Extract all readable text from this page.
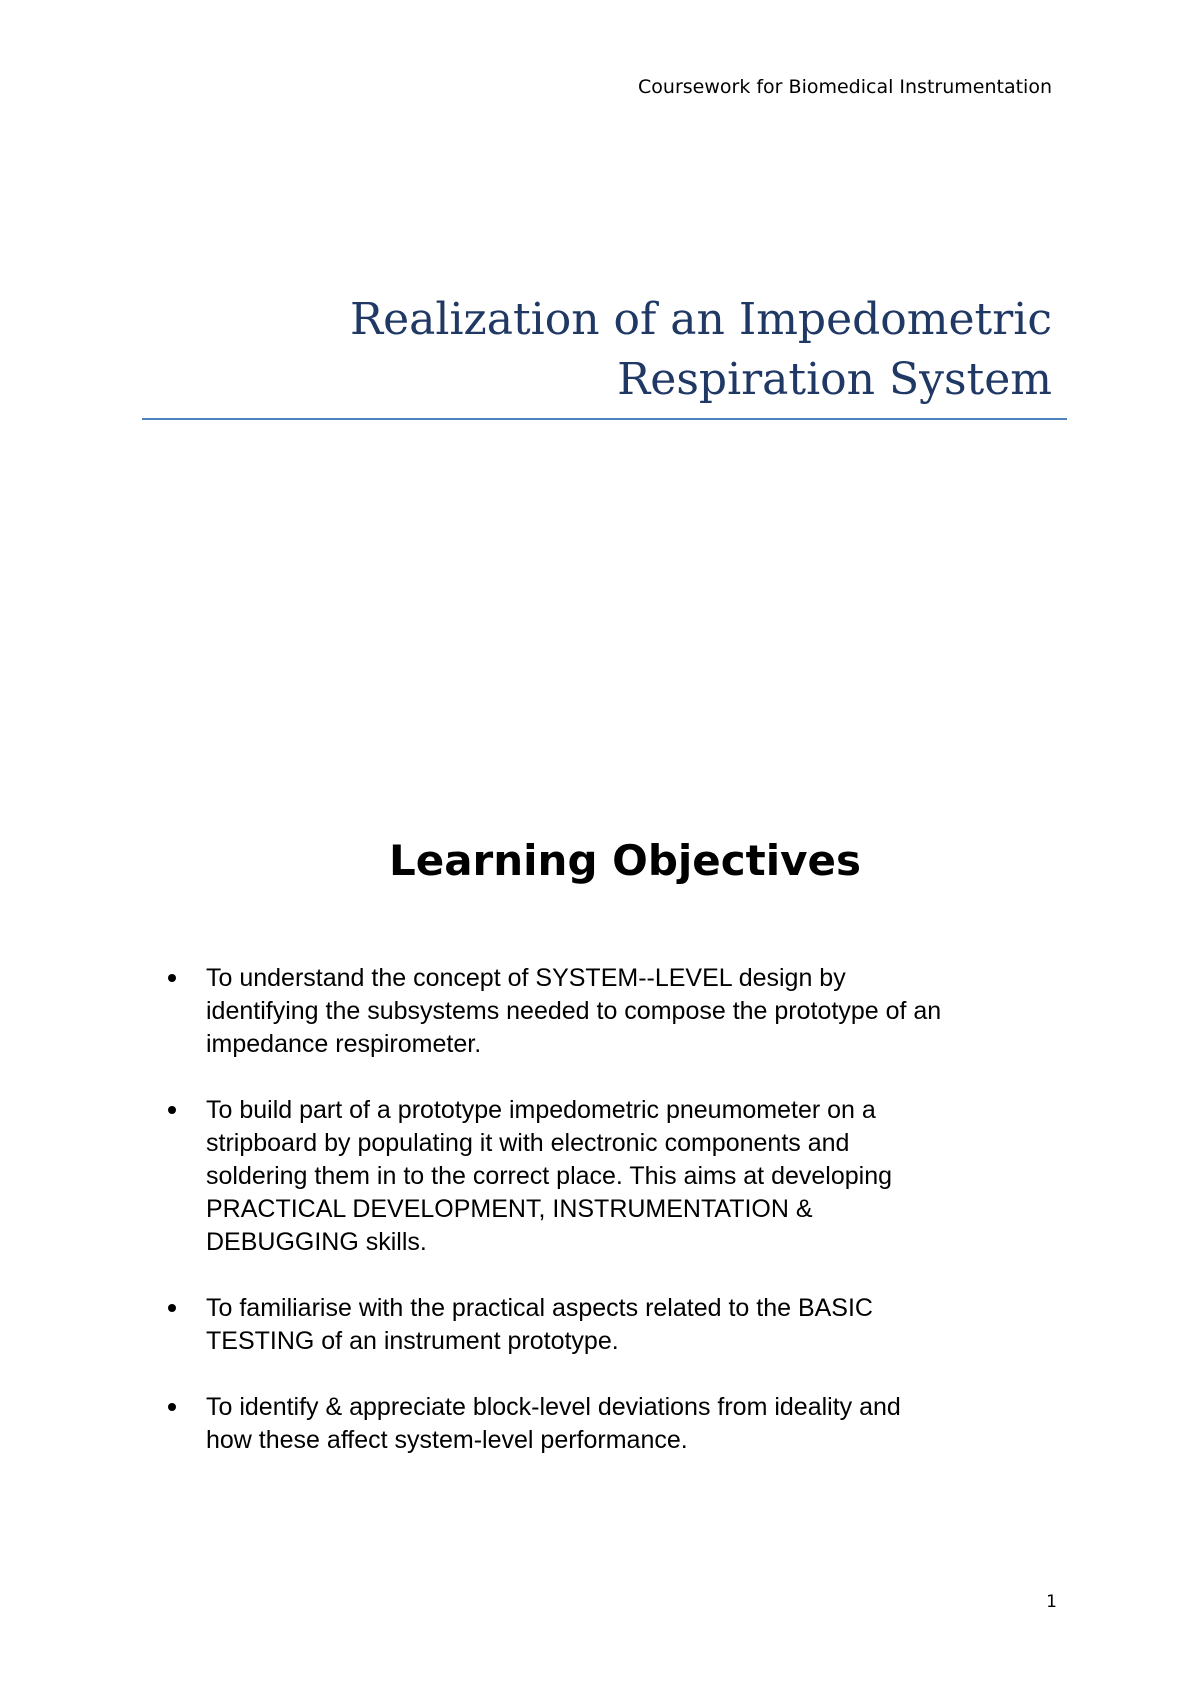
Coursework for Biomedical Instrumentation
Realization of an Impedometric
Respiration System
Learning Objectives
To understand the concept of SYSTEM--LEVEL design by
identifying the subsystems needed to compose the prototype of an
impedance respirometer.
To build part of a prototype impedometric pneumometer on a
stripboard by populating it with electronic components and
soldering them in to the correct place. This aims at developing
PRACTICAL DEVELOPMENT, INSTRUMENTATION &
DEBUGGING skills.
To familiarise with the practical aspects related to the BASIC
TESTING of an instrument prototype.
To identify & appreciate block-level deviations from ideality and
how these affect system-level performance.
1
